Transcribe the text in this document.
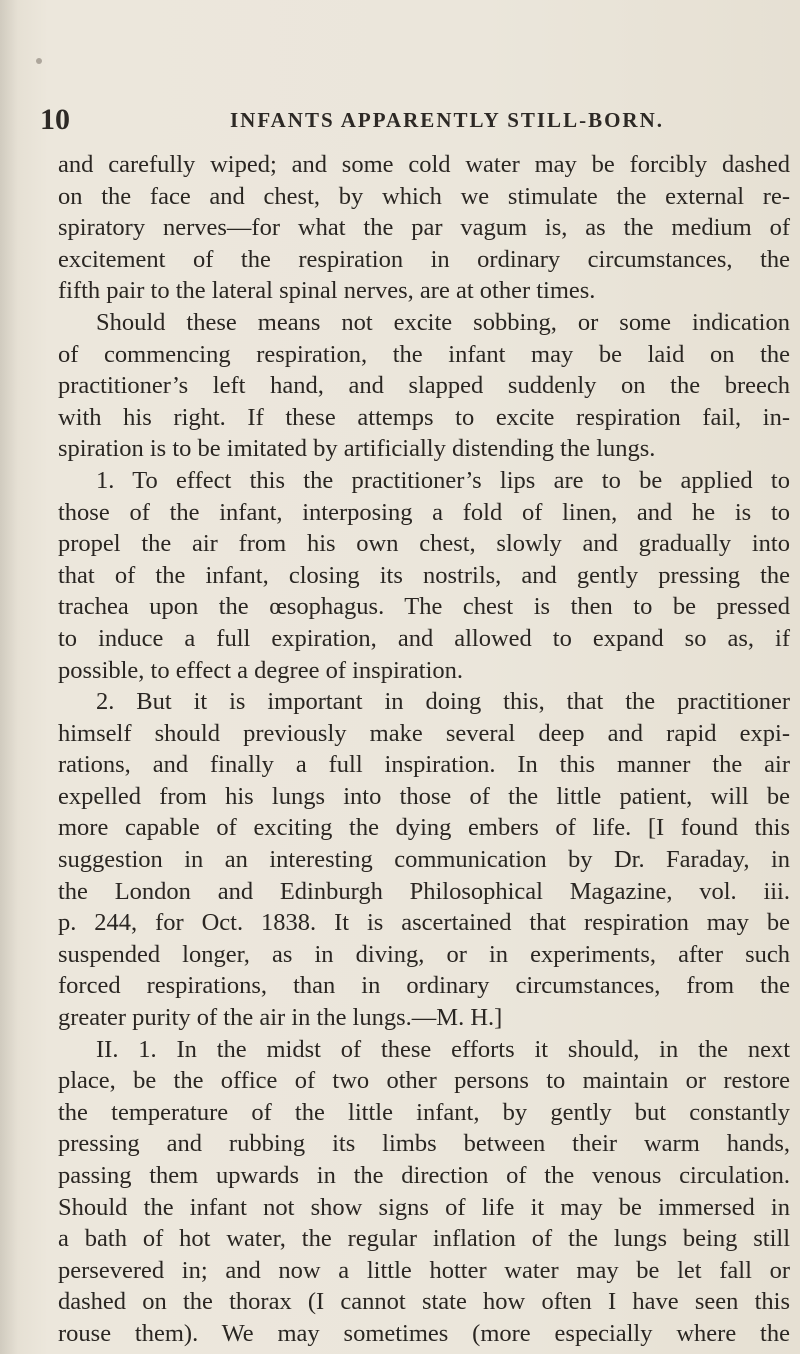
10	INFANTS APPARENTLY STILL-BORN.
and carefully wiped; and some cold water may be forcibly dashed
on the face and chest, by which we stimulate the external re-
spiratory nerves—for what the par vagum is, as the medium of
excitement of the respiration in ordinary circumstances, the
fifth pair to the lateral spinal nerves, are at other times.
Should these means not excite sobbing, or some indication
of commencing respiration, the infant may be laid on the
practitioner’s left hand, and slapped suddenly on the breech
with his right. If these attemps to excite respiration fail, in-
spiration is to be imitated by artificially distending the lungs.
1. To effect this the practitioner’s lips are to be applied to
those of the infant, interposing a fold of linen, and he is to
propel the air from his own chest, slowly and gradually into
that of the infant, closing its nostrils, and gently pressing the
trachea upon the œsophagus. The chest is then to be pressed
to induce a full expiration, and allowed to expand so as, if
possible, to effect a degree of inspiration.
2. But it is important in doing this, that the practitioner
himself should previously make several deep and rapid expi-
rations, and finally a full inspiration. In this manner the air
expelled from his lungs into those of the little patient, will be
more capable of exciting the dying embers of life. [I found this
suggestion in an interesting communication by Dr. Faraday, in
the London and Edinburgh Philosophical Magazine, vol. iii.
p. 244, for Oct. 1838. It is ascertained that respiration may be
suspended longer, as in diving, or in experiments, after such
forced respirations, than in ordinary circumstances, from the
greater purity of the air in the lungs.—M. H.]
II. 1. In the midst of these efforts it should, in the next
place, be the office of two other persons to maintain or restore
the temperature of the little infant, by gently but constantly
pressing and rubbing its limbs between their warm hands,
passing them upwards in the direction of the venous circulation.
Should the infant not show signs of life it may be immersed in
a bath of hot water, the regular inflation of the lungs being still
persevered in; and now a little hotter water may be let fall or
dashed on the thorax (I cannot state how often I have seen this
rouse them). We may sometimes (more especially where the
